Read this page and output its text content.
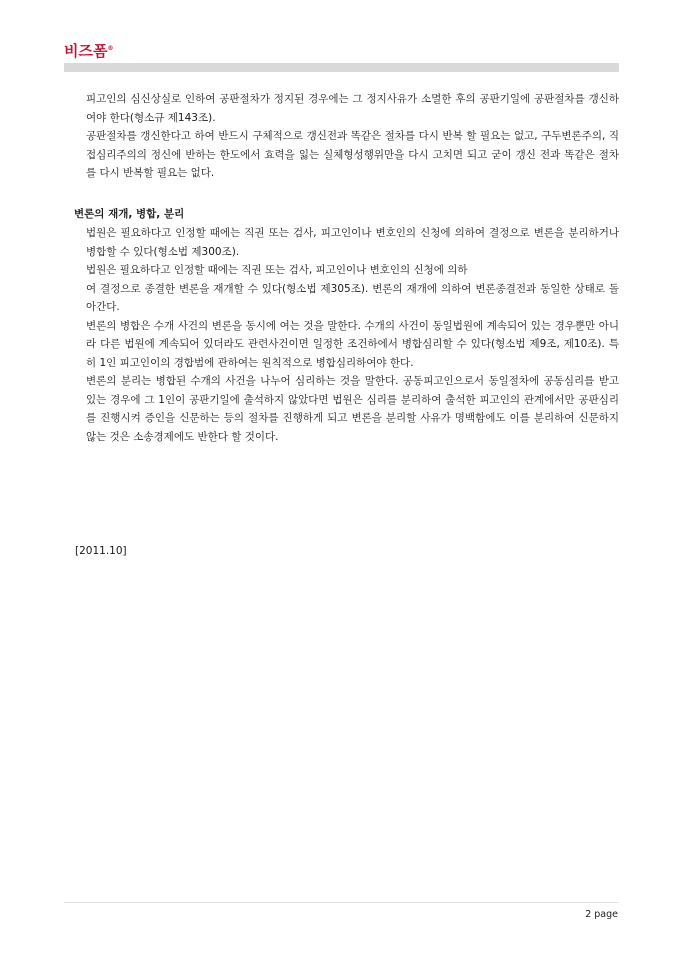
비즈폼®

피고인의 심신상실로 인하여 공판절차가 정지된 경우에는 그 정지사유가 소멸한 후의 공판기일에 공판절차를 갱신하여야 한다(형소규 제143조).

공판절차를 갱신한다고 하여 반드시 구체적으로 갱신전과 똑같은 절차를 다시 반복 할 필요는 없고, 구두변론주의, 직접심리주의의 정신에 반하는 한도에서 효력을 잃는 실체형성행위만을 다시 고치면 되고 굳이 갱신 전과 똑같은 절차를 다시 반복할 필요는 없다.

변론의 재개, 병합, 분리

법원은 필요하다고 인정할 때에는 직권 또는 검사, 피고인이나 변호인의 신청에 의하여 결정으로 변론을 분리하거나 병합할 수 있다(형소법 제300조).

법원은 필요하다고 인정할 때에는 직권 또는 검사, 피고인이나 변호인의 신청에 의하

여 결정으로 종결한 변론을 재개할 수 있다(형소법 제305조). 변론의 재개에 의하여 변론종결전과 동일한 상태로 돌아간다.

변론의 병합은 수개 사건의 변론을 동시에 여는 것을 말한다. 수개의 사건이 동일법원에 계속되어 있는 경우뿐만 아니라 다른 법원에 계속되어 있더라도 관련사건이면 일정한 조건하에서 병합심리할 수 있다(형소법 제9조, 제10조). 특히 1인 피고인이의 경합범에 관하여는 원칙적으로 병합심리하여야 한다.

변론의 분리는 병합된 수개의 사건을 나누어 심리하는 것을 말한다. 공동피고인으로서 동일절차에 공동심리를 받고 있는 경우에 그 1인이 공판기일에 출석하지 않았다면 법원은 심리를 분리하여 출석한 피고인의 관계에서만 공판심리를 진행시켜 증인을 신문하는 등의 절차를 진행하게 되고 변론을 분리할 사유가 명백함에도 이를 분리하여 신문하지 않는 것은 소송경제에도 반한다 할 것이다.

[2011.10]
2 page
